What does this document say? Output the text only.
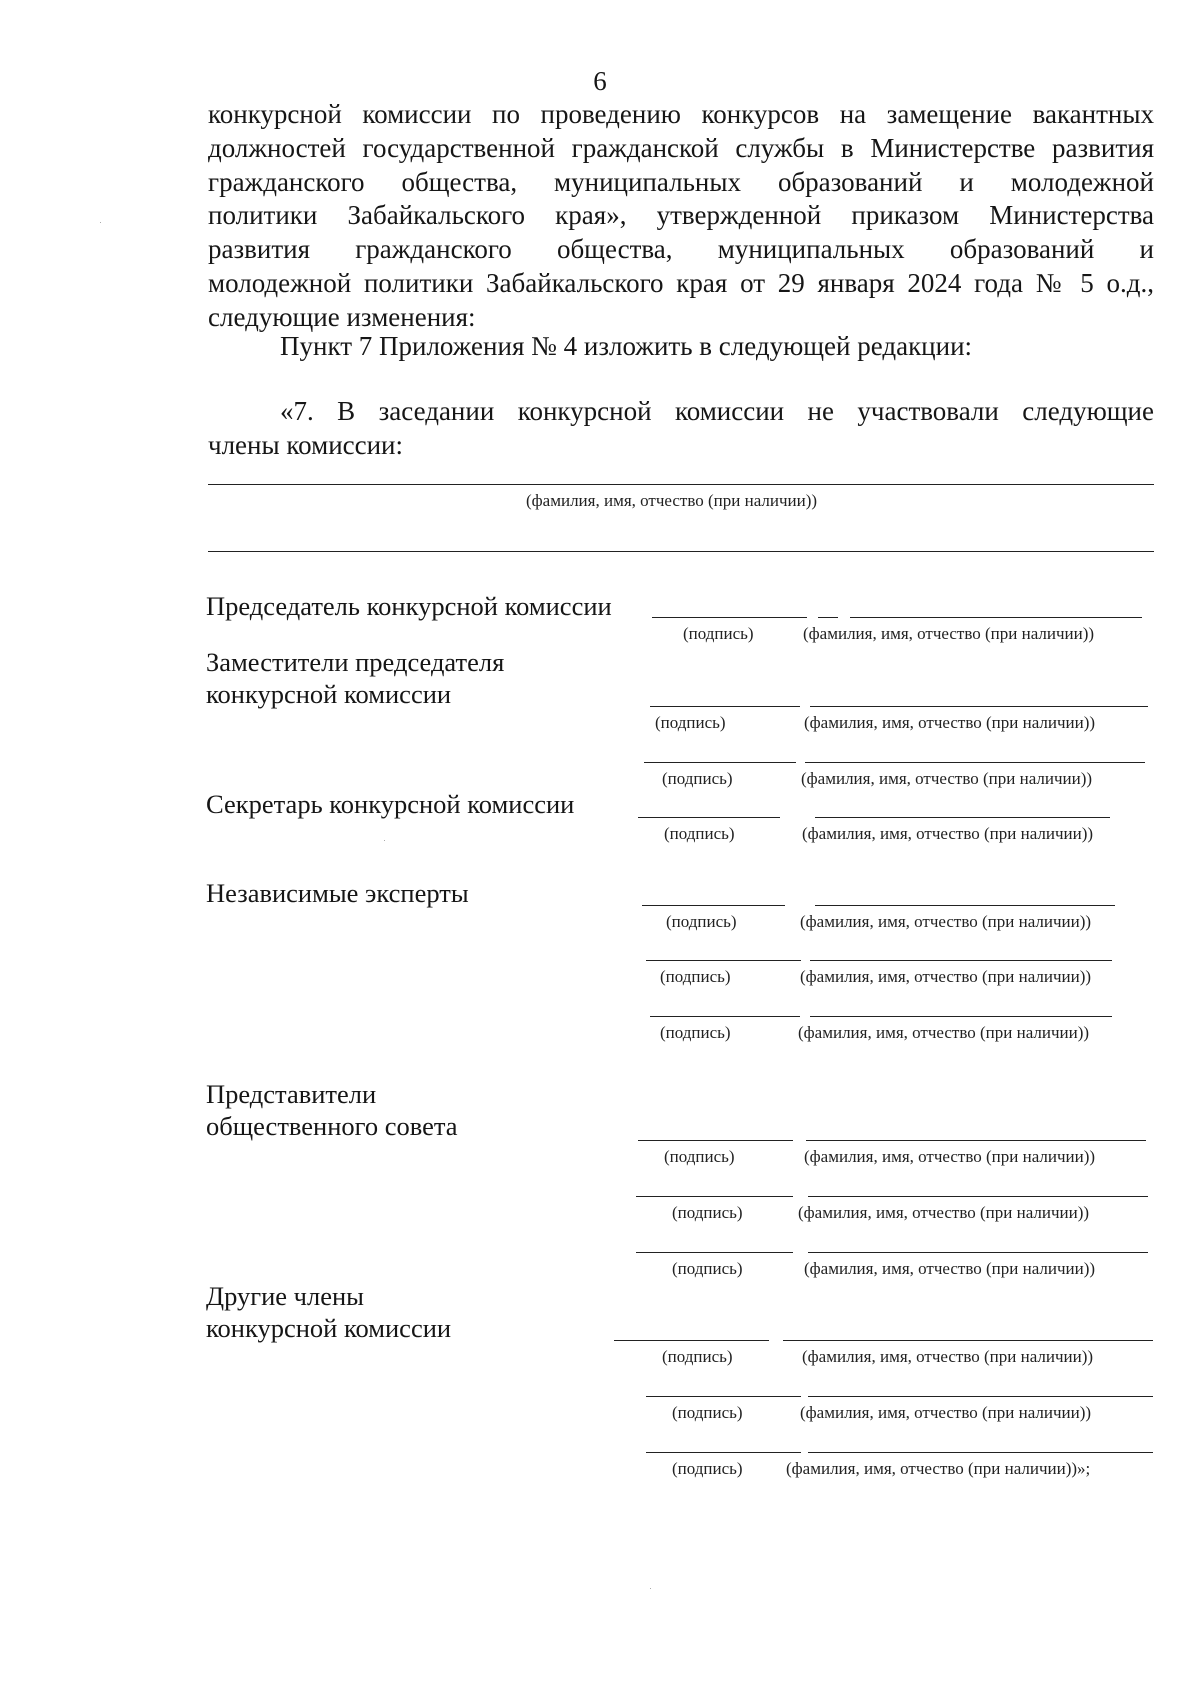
6
конкурсной комиссии по проведению конкурсов на замещение вакантных
должностей государственной гражданской службы в Министерстве развития
гражданского общества, муниципальных образований и молодежной
политики Забайкальского края», утвержденной приказом Министерства
развития гражданского общества, муниципальных образований и
молодежной политики Забайкальского края от 29 января 2024 года № 5 о.д.,
следующие изменения:
Пункт 7 Приложения № 4 изложить в следующей редакции:
«7. В заседании конкурсной комиссии не участвовали следующие
члены комиссии:
(фамилия, имя, отчество (при наличии))
Председатель конкурсной комиссии
(подпись)	(фамилия, имя, отчество (при наличии))
Заместители председателя
конкурсной комиссии
(подпись)	(фамилия, имя, отчество (при наличии))
(подпись)	(фамилия, имя, отчество (при наличии))
Секретарь конкурсной комиссии
(подпись)	(фамилия, имя, отчество (при наличии))
Независимые эксперты
(подпись)	(фамилия, имя, отчество (при наличии))
(подпись)	(фамилия, имя, отчество (при наличии))
(подпись)	(фамилия, имя, отчество (при наличии))
Представители
общественного совета
(подпись)	(фамилия, имя, отчество (при наличии))
(подпись)	(фамилия, имя, отчество (при наличии))
(подпись)	(фамилия, имя, отчество (при наличии))
Другие члены
конкурсной комиссии
(подпись)	(фамилия, имя, отчество (при наличии))
(подпись)	(фамилия, имя, отчество (при наличии))
(подпись)	(фамилия, имя, отчество (при наличии))»;
